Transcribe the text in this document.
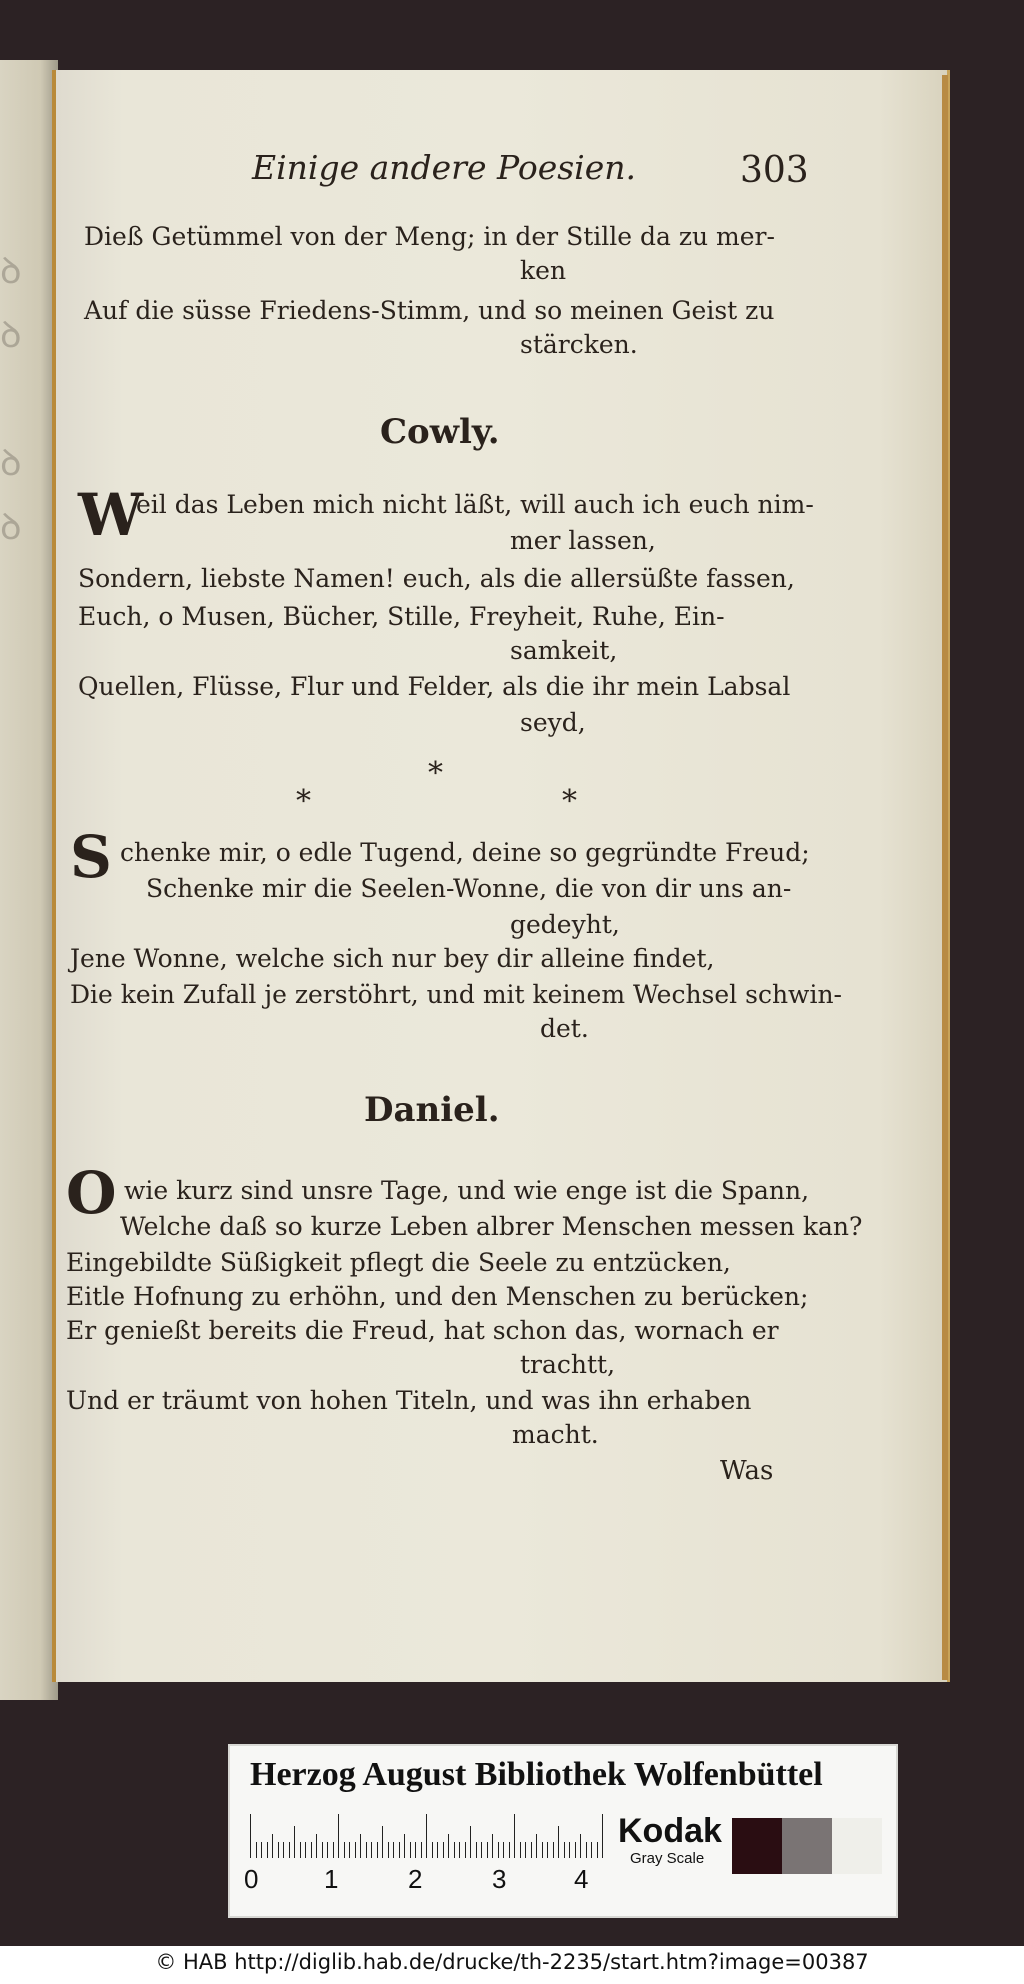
ꝺ
ꝺ

ꝺ
ꝺ
Einige andere Poesien.	303
Dieß Getümmel von der Meng; in der Stille da zu mer-
ken
Auf die süsse Friedens-Stimm, und so meinen Geist zu
stärcken.
Cowly.
W
eil das Leben mich nicht läßt, will auch ich euch nim-
mer lassen,
Sondern, liebste Namen! euch, als die allersüßte fassen,
Euch, o Musen, Bücher, Stille, Freyheit, Ruhe, Ein-
samkeit,
Quellen, Flüsse, Flur und Felder, als die ihr mein Labsal
seyd,
*
*	*
S chenke mir, o edle Tugend, deine so gegründte Freud;
Schenke mir die Seelen-Wonne, die von dir uns an-
gedeyht,
Jene Wonne, welche sich nur bey dir alleine findet,
Die kein Zufall je zerstöhrt, und mit keinem Wechsel schwin-
det.
Daniel.
O wie kurz sind unsre Tage, und wie enge ist die Spann,
Welche daß so kurze Leben albrer Menschen messen kan?
Eingebildte Süßigkeit pflegt die Seele zu entzücken,
Eitle Hofnung zu erhöhn, und den Menschen zu berücken;
Er genießt bereits die Freud, hat schon das, wornach er
trachtt,
Und er träumt von hohen Titeln, und was ihn erhaben
macht.
Was
Herzog August Bibliothek Wolfenbüttel
0	1	2	3	4
Kodak
Gray Scale
© HAB http://diglib.hab.de/drucke/th-2235/start.htm?image=00387
